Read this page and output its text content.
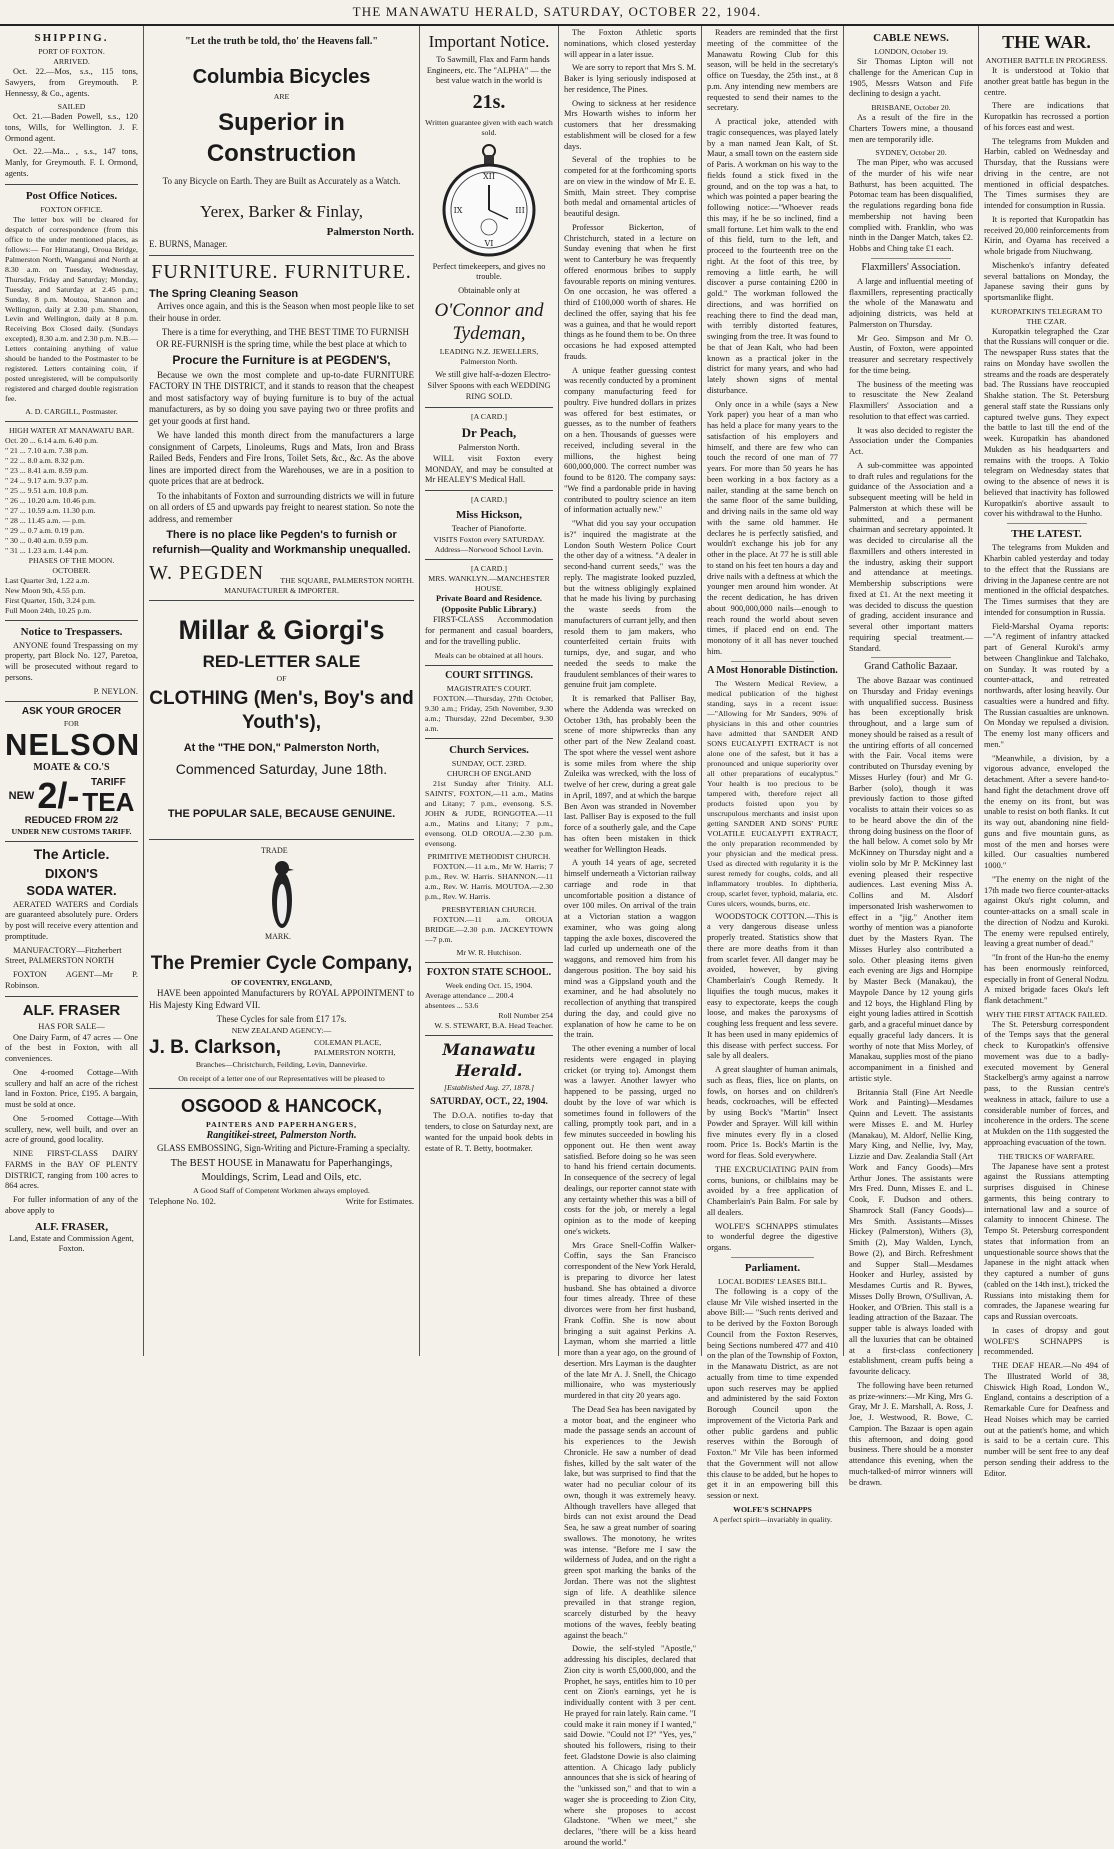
THE MANAWATU HERALD, SATURDAY, OCTOBER 22, 1904.
SHIPPING.
PORT OF FOXTON.
ARRIVED.

Oct. 22.—Mos, s.s., 115 tons, Sawyers, from Greymouth. P. Hennessy, & Co., agents.

SAILED

Oct. 21.—Baden Powell, s.s., 120 tons, Wills, for Wellington. J. F. Ormond agent.

Oct. 22.—Ma... , s.s., 147 tons, Manly, for Greymouth. F. I. Ormond, agents.

Post Office Notices.
FOXTON OFFICE.

The letter box will be cleared for despatch of correspondence (from this office to the under mentioned places, as follows:— For Himatangi, Oroua Bridge, Palmerston North, Wanganui and North at 8.30 a.m. on Tuesday, Wednesday, Thursday, Friday and Saturday; Monday, Tuesday, and Saturday at 2.45 p.m.; Sunday, 8 p.m. Moutoa, Shannon and Wellington, daily at 2.30 p.m. Shannon, Levin and Wellington, daily at 8 p.m. Receiving Box Closed daily. (Sundays excepted), 8.30 a.m. and 2.30 p.m. N.B.—Letters containing anything of value should be handed to the Postmaster to be registered. Letters containing coin, if posted unregistered, will be compulsorily registered and charged double registration fee.

A. D. CARGILL, Postmaster.
HIGH WATER AT MANAWATU BAR.
Oct. 20 ... 6.14 a.m. 6.40 p.m.
" 21 ... 7.10 a.m. 7.38 p.m.
" 22 ... 8.0 a.m. 8.32 p.m.
" 23 ... 8.41 a.m. 8.59 p.m.
" 24 ... 9.17 a.m. 9.37 p.m.
" 25 ... 9.51 a.m. 10.8 p.m.
" 26 ... 10.20 a.m. 10.46 p.m.
" 27 ... 10.59 a.m. 11.30 p.m.
" 28 ... 11.45 a.m. — p.m.
" 29 ... 0.7 a.m. 0.19 p.m.
" 30 ... 0.40 a.m. 0.59 p.m.
" 31 ... 1.23 a.m. 1.44 p.m.
PHASES OF THE MOON.
OCTOBER.
Last Quarter 3rd, 1.22 a.m.
New Moon 9th, 4.55 p.m.
First Quarter, 15th, 3.24 p.m.
Full Moon 24th, 10.25 p.m.
Notice to Trespassers.

ANYONE found Trespassing on my property, part Block No. 127, Paretoa, will be prosecuted without regard to persons.

P. NEYLON.
ASK YOUR GROCER
FOR
NELSON
MOATE & CO.'S
NEW 2/- TARIFF
TEA
REDUCED FROM 2/2
UNDER NEW CUSTOMS TARIFF.
The Article.
DIXON'S
SODA WATER.

AERATED WATERS and Cordials are guaranteed absolutely pure. Orders by post will receive every attention and promptitude.

MANUFACTORY—Fitzherbert Street, PALMERSTON NORTH

FOXTON AGENT—Mr P. Robinson.

ALF. FRASER
HAS FOR SALE—

One Dairy Farm, of 47 acres — One of the best in Foxton, with all conveniences.

One 4-roomed Cottage—With scullery and half an acre of the richest land in Foxton. Price, £195. A bargain, must be sold at once.

One 5-roomed Cottage—With scullery, new, well built, and over an acre of ground, good locality.

NINE FIRST-CLASS DAIRY FARMS in the BAY OF PLENTY DISTRICT, ranging from 100 acres to 864 acres.

For fuller information of any of the above apply to

ALF. FRASER,
Land, Estate and Commission Agent, Foxton.
"Let the truth be told, tho' the Heavens fall."
Columbia Bicycles
ARE
Superior in Construction
To any Bicycle on Earth. They are Built as Accurately as a Watch.
Yerex, Barker & Finlay,
Palmerston North.
E. BURNS, Manager.
FURNITURE. FURNITURE.
The Spring Cleaning Season

Arrives once again, and this is the Season when most people like to set their house in order.

There is a time for everything, and THE BEST TIME TO FURNISH OR RE-FURNISH is the spring time, while the best place at which to

Procure the Furniture is at PEGDEN'S,

Because we own the most complete and up-to-date FURNITURE FACTORY IN THE DISTRICT, and it stands to reason that the cheapest and most satisfactory way of buying furniture is to buy of the actual manufacturers, as by so doing you save paying two or three profits and get your goods at first hand.

We have landed this month direct from the manufacturers a large consignment of Carpets, Linoleums, Rugs and Mats, Iron and Brass Railed Beds, Fenders and Fire Irons, Toilet Sets, &c., &c. As the above lines are imported direct from the Warehouses, we are in a position to quote prices that are at bedrock.

To the inhabitants of Foxton and surrounding districts we will in future on all orders of £5 and upwards pay freight to nearest station. So note the address, and remember

There is no place like Pegden's to furnish or refurnish—Quality and Workmanship unequalled.
W. PEGDEN THE SQUARE, PALMERSTON NORTH.
MANUFACTURER & IMPORTER.
Millar & Giorgi's
RED-LETTER SALE
OF
CLOTHING (Men's, Boy's and Youth's),
At the "THE DON," Palmerston North,
Commenced Saturday, June 18th.
THE POPULAR SALE, BECAUSE GENUINE.
TRADE
MARK.
The Premier Cycle Company,
OF COVENTRY, ENGLAND,

HAVE been appointed Manufacturers by ROYAL APPOINTMENT to His Majesty King Edward VII.

These Cycles for sale from £17 17s.
NEW ZEALAND AGENCY:—
J. B. Clarkson,	COLEMAN PLACE, PALMERSTON NORTH,
Branches—Christchurch, Feilding, Levin, Dannevirke.
On receipt of a letter one of our Representatives will be pleased to
OSGOOD & HANCOCK,
PAINTERS AND PAPERHANGERS,
Rangitikei-street, Palmerston North.

GLASS EMBOSSING, Sign-Writing and Picture-Framing a specialty.

The BEST HOUSE in Manawatu for Paperhangings, Mouldings, Scrim, Lead and Oils, etc.
A Good Staff of Competent Workmen always employed.
Telephone No. 102.	Write for Estimates.
Important Notice.

To Sawmill, Flax and Farm hands Engineers, etc. The "ALPHA" — the best value watch in the world is

21s.
Written guarantee given with each watch sold.
XII
III
VI
IX
Perfect timekeepers, and gives no trouble.
Obtainable only at
O'Connor and Tydeman,
LEADING N.Z. JEWELLERS,
Palmerston North.

We still give half-a-dozen Electro-Silver Spoons with each WEDDING RING SOLD.

[A CARD.]
Dr Peach,
Palmerston North.

WILL visit Foxton every MONDAY, and may be consulted at Mr HEALEY'S Medical Hall.

[A CARD.]
Miss Hickson,
Teacher of Pianoforte.
VISITS Foxton every SATURDAY.
Address—Norwood School Levin.
[A CARD.]
MRS. WANKLYN.—MANCHESTER HOUSE.
Private Board and Residence. (Opposite Public Library.)

FIRST-CLASS Accommodation for permanent and casual boarders, and for the travelling public.

Meals can be obtained at all hours.
COURT SITTINGS.
MAGISTRATE'S COURT.

FOXTON.—Thursday, 27th October, 9.30 a.m.; Friday, 25th November, 9.30 a.m.; Thursday, 22nd December, 9.30 a.m.

Church Services.
SUNDAY, OCT. 23RD.
CHURCH OF ENGLAND

21st Sunday after Trinity. ALL SAINTS', FOXTON,—11 a.m., Matins and Litany; 7 p.m., evensong. S.S. JOHN & JUDE, RONGOTEA.—11 a.m., Matins and Litany; 7 p.m., evensong. OLD OROUA.—2.30 p.m. evensong.

PRIMITIVE METHODIST CHURCH.

FOXTON.—11 a.m., Mr W. Harris; 7 p.m., Rev. W. Harris. SHANNON.—11 a.m., Rev. W. Harris. MOUTOA.—2.30 p.m., Rev. W. Harris.

PRESBYTERIAN CHURCH.

FOXTON.—11 a.m. OROUA BRIDGE.—2.30 p.m. JACKEYTOWN—7 p.m.

Mr W. R. Hutchison.
FOXTON STATE SCHOOL.
Week ending Oct. 15, 1904.
Average attendance ... 200.4
absentees ... 53.6
Roll Number 254
W. S. STEWART, B.A. Head Teacher.
Manawatu Herald.
[Established Aug. 27, 1878.]
SATURDAY, OCT., 22, 1904.

The D.O.A. notifies to-day that tenders, to close on Saturday next, are wanted for the unpaid book debts in estate of R. T. Betty, bootmaker.

The Foxton Athletic sports nominations, which closed yesterday will appear in a later issue.

We are sorry to report that Mrs S. M. Baker is lying seriously indisposed at her residence, The Pines.

Owing to sickness at her residence Mrs Howarth wishes to inform her customers that her dressmaking establishment will be closed for a few days.

Several of the trophies to be competed for at the forthcoming sports are on view in the window of Mr E. E. Smith, Main street. They comprise both medal and ornamental articles of beautiful design.

Professor Bickerton, of Christchurch, stated in a lecture on Sunday evening that when he first went to Canterbury he was frequently offered enormous bribes to supply favourable reports on mining ventures. On one occasion, he was offered a third of £100,000 worth of shares. He declined the offer, saying that his fee was a guinea, and that he would report things as he found them to be. On three occasions he had exposed attempted frauds.

A unique feather guessing contest was recently conducted by a prominent company manufacturing feed for poultry. Five hundred dollars in prizes was offered for best estimates, or guesses, as to the number of feathers on a hen. Thousands of guesses were received, including several in the millions, the highest being 600,000,000. The correct number was found to be 8120. The company says: "We find a pardonable pride in having contributed to poultry science an item of information actually new."

"What did you say your occupation is?" inquired the magistrate at the London South Western Police Court the other day of a witness. "A dealer in second-hand current seeds," was the reply. The magistrate looked puzzled, but the witness obligingly explained that he made his living by purchasing the waste seeds from the manufacturers of currant jelly, and then resold them to jam makers, who counterfeited certain fruits with turnips, dye, and sugar, and who needed the seeds to make the fraudulent semblances of their wares to genuine fruit jam complete.

It is remarked that Palliser Bay, where the Addenda was wrecked on October 13th, has probably been the scene of more shipwrecks than any other part of the New Zealand coast. The spot where the vessel went ashore is some miles from where the ship Zuleika was wrecked, with the loss of twelve of her crew, during a great gale in April, 1897, and at which the barque Ben Avon was stranded in November last. Palliser Bay is exposed to the full force of a southerly gale, and the Cape has often been mistaken in thick weather for Wellington Heads.

A youth 14 years of age, secreted himself underneath a Victorian railway carriage and rode in that uncomfortable position a distance of over 100 miles. On arrival of the train at a Victorian station a waggon examiner, who was going along tapping the axle boxes, discovered the lad curled up underneath one of the waggons, and removed him from his dangerous position. The boy said his mind was a Gippsland youth and the examiner, and he had absolutely no recollection of anything that transpired during the day, and could give no explanation of how he came to be on the train.

The other evening a number of local residents were engaged in playing cricket (or trying to). Amongst them was a lawyer. Another lawyer who happened to be passing, urged no doubt by the love of war which is sometimes found in followers of the calling, promptly took part, and in a few minutes succeeded in bowling his opponent out. He then went away satisfied. Before doing so he was seen to hand his friend certain documents. In consequence of the secrecy of legal dealings, our reporter cannot state with any certainty whether this was a bill of costs for the job, or merely a legal opinion as to the mode of keeping one's wickets.

Mrs Grace Snell-Coffin Walker-Coffin, says the San Francisco correspondent of the New York Herald, is preparing to divorce her latest husband. She has obtained a divorce four times already. Three of these divorces were from her first husband, Frank Coffin. She is now about bringing a suit against Perkins A. Layman, whom she married a little more than a year ago, on the ground of desertion. Mrs Layman is the daughter of the late Mr A. J. Snell, the Chicago millionaire, who was mysteriously murdered in that city 20 years ago.

The Dead Sea has been navigated by a motor boat, and the engineer who made the passage sends an account of his experiences to the Jewish Chronicle. He saw a number of dead fishes, killed by the salt water of the lake, but was surprised to find that the water had no peculiar colour of its own, though it was extremely heavy. Although travellers have alleged that birds can not exist around the Dead Sea, he saw a great number of soaring swallows. The monotony, he writes was intense. "Before me I saw the wilderness of Judea, and on the right a green spot marking the banks of the Jordan. There was not the slightest sign of life. A deathlike silence prevailed in that strange region, scarcely disturbed by the heavy motions of the waves, feebly beating against the beach."

Dowie, the self-styled "Apostle," addressing his disciples, declared that Zion city is worth £5,000,000, and the Prophet, he says, entitles him to 10 per cent on Zion's earnings, yet he is individually content with 3 per cent. He prayed for rain lately. Rain came. "I could make it rain money if I wanted," said Dowie. "Could not I?" "Yes, yes," shouted his followers, rising to their feet. Gladstone Dowie is also claiming attention. A Chicago lady publicly announces that she is sick of hearing of the "unkissed son," and that to win a wager she is proceeding to Zion City, where she proposes to accost Gladstone. "When we meet," she declares, "there will be a kiss heard around the world."

Readers are reminded that the first meeting of the committee of the Manawatu Rowing Club for this season, will be held in the secretary's office on Tuesday, the 25th inst., at 8 p.m. Any intending new members are requested to send their names to the secretary.

A practical joke, attended with tragic consequences, was played lately by a man named Jean Kalt, of St. Maur, a small town on the eastern side of Paris. A workman on his way to the fields found a stick fixed in the ground, and on the top was a hat, to which was pointed a paper bearing the following notice:—"Whoever reads this may, if he be so inclined, find a small fortune. Let him walk to the end of this field, turn to the left, and proceed to the fourteenth tree on the right. At the foot of this tree, by removing a little earth, he will discover a purse containing £200 in gold." The workman followed the directions, and was horrified on reaching there to find the dead man, with terribly distorted features, swinging from the tree. It was found to be that of Jean Kalt, who had been known as a practical joker in the district for many years, and who had lately shown signs of mental disturbance.

Only once in a while (says a New York paper) you hear of a man who has held a place for many years to the satisfaction of his employers and himself, and there are few who can touch the record of one man of 77 years. For more than 50 years he has been working in a box factory as a nailer, standing at the same bench on the same floor of the same building, and driving nails in the same old way with the same old hammer. He declares he is perfectly satisfied, and wouldn't exchange his job for any other in the place. At 77 he is still able to stand on his feet ten hours a day and drive nails with a deftness at which the younger men around him wonder. At the recent dedication, he has driven about 900,000,000 nails—enough to reach round the world about seven times, if placed end on end. The monotony of it all has never touched him.

A Most Honorable Distinction.

The Western Medical Review, a medical publication of the highest standing, says in a recent issue:—"Allowing for Mr Sanders, 90% of physicians in this and other countries have admitted that SANDER AND SONS EUCALYPTI EXTRACT is not alone one of the safest, but it has a pronounced and unique superiority over all other preparations of eucalyptus." Your health is too precious to be tampered with, therefore reject all products foisted upon you by unscrupulous merchants and insist upon getting SANDER AND SONS' PURE VOLATILE EUCALYPTI EXTRACT, the only preparation recommended by your physician and the medical press. Used as directed with regularity it is the surest remedy for coughs, colds, and all inflammatory troubles. In diphtheria, croup, scarlet fever, typhoid, malaria, etc. Cures ulcers, wounds, burns, etc.

WOODSTOCK COTTON.—This is a very dangerous disease unless properly treated. Statistics show that there are more deaths from it than from scarlet fever. All danger may be avoided, however, by giving Chamberlain's Cough Remedy. It liquifies the tough mucus, makes it easy to expectorate, keeps the cough loose, and makes the paroxysms of coughing less frequent and less severe. It has been used in many epidemics of this disease with perfect success. For sale by all dealers.

A great slaughter of human animals, such as fleas, flies, lice on plants, on fowls, on horses and on children's heads, cockroaches, will be effected by using Bock's "Martin" Insect Powder and Sprayer. Will kill within five minutes every fly in a closed room. Price 1s. Bock's Martin is the word for fleas. Sold everywhere.

THE EXCRUCIATING PAIN from corns, bunions, or chilblains may be avoided by a free application of Chamberlain's Pain Balm. For sale by all dealers.

WOLFE'S SCHNAPPS stimulates to wonderful degree the digestive organs.

Parliament.
LOCAL BODIES' LEASES BILL.

The following is a copy of the clause Mr Vile wished inserted in the above Bill:— "Such rents derived and to be derived by the Foxton Borough Council from the Foxton Reserves, being Sections numbered 477 and 410 on the plan of the Township of Foxton, in the Manawatu District, as are not actually from time to time expended upon such reserves may be applied and administered by the said Foxton Borough Council upon the improvement of the Victoria Park and other public gardens and public reserves within the Borough of Foxton." Mr Vile has been informed that the Government will not allow this clause to be added, but he hopes to get it in an empowering bill this session or next.

WOLFE'S SCHNAPPS
A perfect spirit—invariably in quality.
CABLE NEWS.
LONDON, October 19.

Sir Thomas Lipton will not challenge for the American Cup in 1905, Messrs Watson and Fife declining to design a yacht.

BRISBANE, October 20.

As a result of the fire in the Charters Towers mine, a thousand men are temporarily idle.

SYDNEY, October 20.

The man Piper, who was accused of the murder of his wife near Bathurst, has been acquitted. The Potomac team has been disqualified, the regulations regarding bona fide membership not having been complied with. Franklin, who was ninth in the Danger Match, takes £2. Hobbs and Ching take £1 each.

Flaxmillers' Association.

A large and influential meeting of flaxmillers, representing practically the whole of the Manawatu and adjoining districts, was held at Palmerston on Thursday.

Mr Geo. Simpson and Mr O. Austin, of Foxton, were appointed treasurer and secretary respectively for the time being.

The business of the meeting was to resuscitate the New Zealand Flaxmillers' Association and a resolution to that effect was carried.

It was also decided to register the Association under the Companies Act.

A sub-committee was appointed to draft rules and regulations for the guidance of the Association and a subsequent meeting will be held in Palmerston at which these will be submitted, and a permanent chairman and secretary appointed. It was decided to circularise all the flaxmillers and others interested in the industry, asking their support and attendance at meetings. Membership subscriptions were fixed at £1. At the next meeting it was decided to discuss the question of grading, accident insurance and several other important matters requiring special treatment.—Standard.

Grand Catholic Bazaar.

The above Bazaar was continued on Thursday and Friday evenings with unqualified success. Business has been exceptionally brisk throughout, and a large sum of money should be raised as a result of the untiring efforts of all concerned with the Fair. Vocal items were contributed on Thursday evening by Misses Hurley (four) and Mr G. Barber (solo), though it was previously faction to those gifted vocalists to attain their voices so as to be heard above the din of the throng doing business on the floor of the hall below. A comet solo by Mr McKinney on Thursday night and a violin solo by Mr P. McKinney last evening pleased their respective audiences. Last evening Miss A. Collins and M. Alsdorf impersonated Irish washerwomen to effect in a "jig." Another item worthy of mention was a pianoforte duet by the Masters Ryan. The Misses Hurley also contributed a solo. Other pleasing items given each evening are Jigs and Hornpipe by Master Beck (Manakau), the Maypole Dance by 12 young girls and 12 boys, the Highland Fling by eight young ladies attired in Scottish garb, and a graceful minuet dance by equally graceful lady dancers. It is worthy of note that Miss Morley, of Manakau, supplies most of the piano accompaniment in a finished and artistic style.

Britannia Stall (Fine Art Needle Work and Painting)—Mesdames Quinn and Levett. The assistants were Misses E. and M. Hurley (Manakau), M. Aldorf, Nellie King, Mary King, and Nellie, Ivy, May, Lizzie and Dav. Zealandia Stall (Art Work and Fancy Goods)—Mrs Arthur Jones. The assistants were Mrs Fred. Dunn, Misses E. and L. Cook, F. Dudson and others. Shamrock Stall (Fancy Goods)—Mrs Smith. Assistants—Misses Hickey (Palmerston), Withers (3), Smith (2), May Walden, Lynch, Bowe (2), and Birch. Refreshment and Supper Stall—Mesdames Hooker and Hurley, assisted by Mesdames Curtis and R. Bywes, Misses Dolly Brown, O'Sullivan, A. Hooker, and O'Brien. This stall is a leading attraction of the Bazaar. The supper table is always loaded with all the luxuries that can be obtained at a first-class confectionery establishment, cream puffs being a favourite delicacy.

The following have been returned as prize-winners:—Mr King, Mrs G. Gray, Mr J. E. Marshall, A. Ross, J. Joe, J. Westwood, R. Bowe, C. Campion. The Bazaar is open again this afternoon, and doing good business. There should be a monster attendance this evening, when the much-talked-of mirror winners will be drawn.

THE WAR.
ANOTHER BATTLE IN PROGRESS.

It is understood at Tokio that another great battle has begun in the centre.

There are indications that Kuropatkin has recrossed a portion of his forces east and west.

The telegrams from Mukden and Harbin, cabled on Wednesday and Thursday, that the Russians were driving in the centre, are not mentioned in official despatches. The Times surmises they are intended for consumption in Russia.

It is reported that Kuropatkin has received 20,000 reinforcements from Kirin, and Oyama has received a whole brigade from Niuchwang.

Mischenko's infantry defeated several battalions on Monday, the Japanese saving their guns by sportsmanlike flight.

KUROPATKIN'S TELEGRAM TO THE CZAR.

Kuropatkin telegraphed the Czar that the Russians will conquer or die. The newspaper Russ states that the rains on Monday have swollen the streams and the roads are desperately bad. The Russians have reoccupied Shakhe station. The St. Petersburg general staff state the Russians only captured twelve guns. They expect the battle to last till the end of the week. Kuropatkin has abandoned Mukden as his headquarters and remains with the troops. A Tokio telegram on Wednesday states that owing to the absence of news it is believed that inactivity has followed Kuropatkin's abortive assault to cover his withdrawal to the Hunho.

THE LATEST.

The telegrams from Mukden and Kharbin cabled yesterday and today to the effect that the Russians are driving in the Japanese centre are not mentioned in the official despatches. The Times surmises that they are intended for consumption in Russia.

Field-Marshal Oyama reports:—"A regiment of infantry attacked part of General Kuroki's army between Changlinkue and Talchako, on Sunday. It was routed by a counter-attack, and retreated northwards, after losing heavily. Our casualties were a hundred and fifty. The Russian casualties are unknown. On Monday we repulsed a division. The enemy lost many officers and men."

"Meanwhile, a division, by a vigorous advance, enveloped the detachment. After a severe hand-to-hand fight the detachment drove off the enemy on its front, but was unable to resist on both flanks. It cut its way out, abandoning nine field-guns and five mountain guns, as most of the men and horses were killed. Our casualties numbered 1000."

"The enemy on the night of the 17th made two fierce counter-attacks against Oku's right column, and counter-attacks on a small scale in the direction of Nodzu and Kuroki. The enemy were repulsed entirely, leaving a great number of dead."

"In front of the Hun-ho the enemy has been enormously reinforced, especially in front of General Nodzu. A mixed brigade faces Oku's left flank detachment."

WHY THE FIRST ATTACK FAILED.

The St. Petersburg correspondent of the Temps says that the general check to Kuropatkin's offensive movement was due to a badly-executed movement by General Stackelberg's army against a narrow pass, to the Russian centre's weakness in attack, failure to use a considerable number of forces, and incoherence in the orders. The scene at Mukden on the 11th suggested the approaching evacuation of the town.

THE TRICKS OF WARFARE.

The Japanese have sent a protest against the Russians attempting surprises disguised in Chinese garments, this being contrary to international law and a source of calamity to innocent Chinese. The Tempo St. Petersburg correspondent states that information from an unquestionable source shows that the Japanese in the night attack when they captured a number of guns (cabled on the 14th inst.), tricked the Russians into mistaking them for comrades, the Japanese wearing fur caps and Russian overcoats.

In cases of dropsy and gout WOLFE'S SCHNAPPS is recommended.

THE DEAF HEAR.—No 494 of The Illustrated World of 38, Chiswick High Road, London W., England, contains a description of a Remarkable Cure for Deafness and Head Noises which may be carried out at the patient's home, and which is said to be a certain cure. This number will be sent free to any deaf person sending their address to the Editor.
